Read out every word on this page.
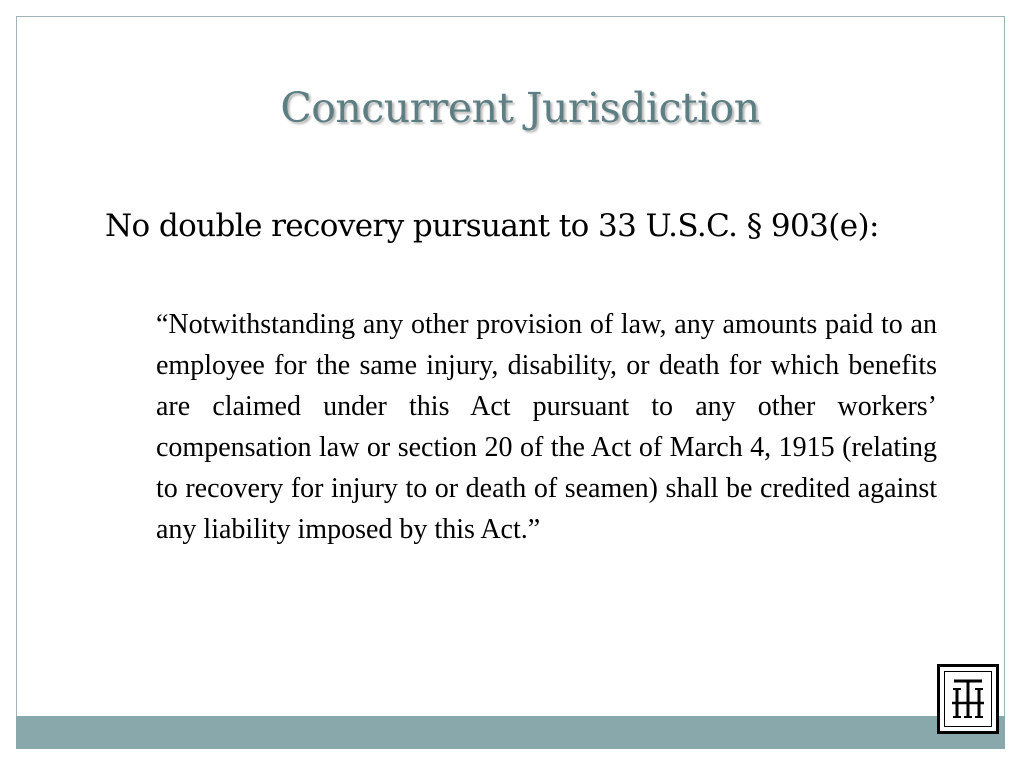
Concurrent Jurisdiction
No double recovery pursuant to 33 U.S.C. § 903(e):
“Notwithstanding any other provision of law, any amounts paid to an employee for the same injury, disability, or death for which benefits are claimed under this Act pursuant to any other workers’ compensation law or section 20 of the Act of March 4, 1915 (relating to recovery for injury to or death of seamen) shall be credited against any liability imposed by this Act.”
